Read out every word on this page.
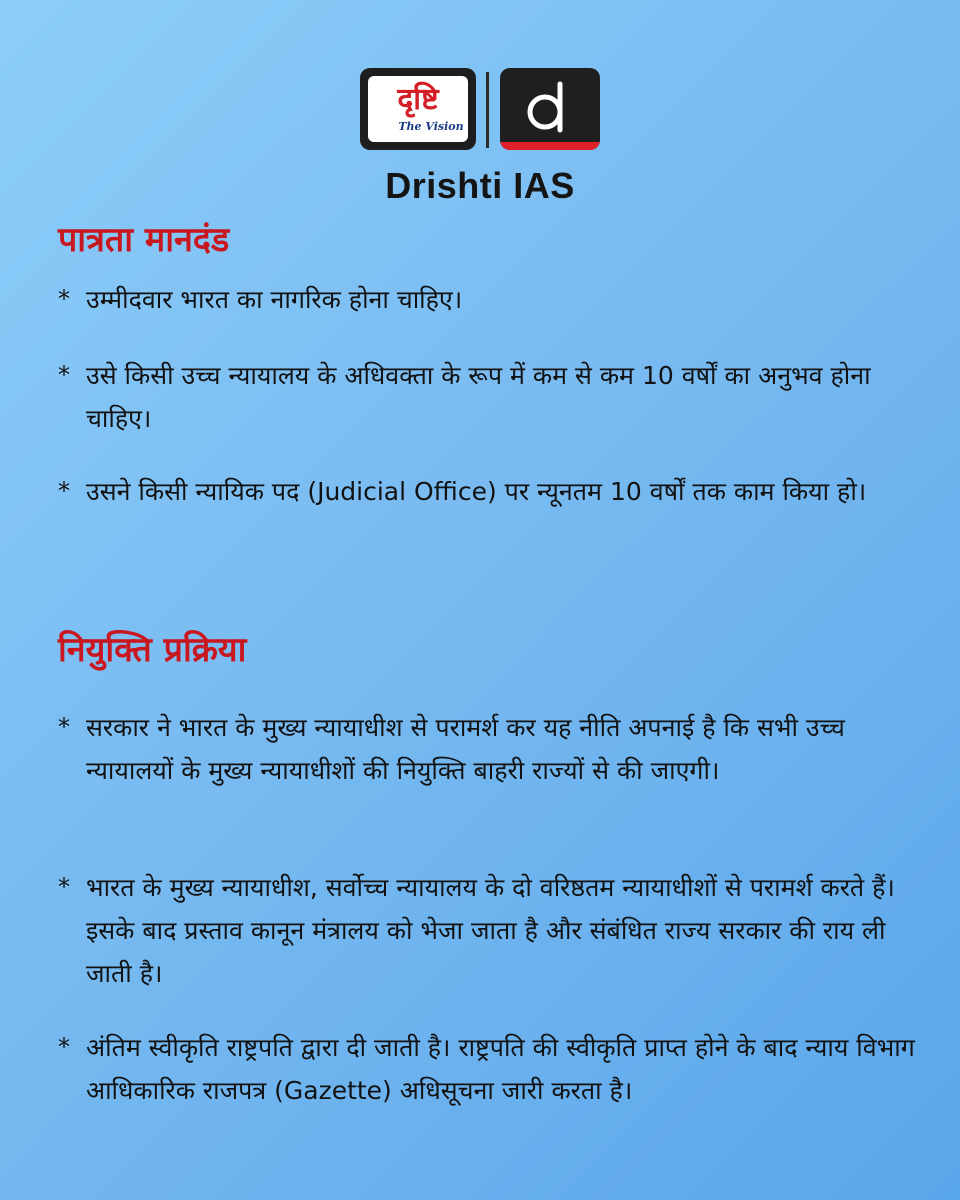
दृष्टि
The Vision
Drishti IAS
पात्रता मानदंड
* उम्मीदवार भारत का नागरिक होना चाहिए।
* उसे किसी उच्च न्यायालय के अधिवक्ता के रूप में कम से कम 10 वर्षों का अनुभव होना चाहिए।
* उसने किसी न्यायिक पद (Judicial Office) पर न्यूनतम 10 वर्षों तक काम किया हो।
नियुक्ति प्रक्रिया
* सरकार ने भारत के मुख्य न्यायाधीश से परामर्श कर यह नीति अपनाई है कि सभी उच्च न्यायालयों के मुख्य न्यायाधीशों की नियुक्ति बाहरी राज्यों से की जाएगी।
* भारत के मुख्य न्यायाधीश, सर्वोच्च न्यायालय के दो वरिष्ठतम न्यायाधीशों से परामर्श करते हैं। इसके बाद प्रस्ताव कानून मंत्रालय को भेजा जाता है और संबंधित राज्य सरकार की राय ली जाती है।
* अंतिम स्वीकृति राष्ट्रपति द्वारा दी जाती है। राष्ट्रपति की स्वीकृति प्राप्त होने के बाद न्याय विभाग आधिकारिक राजपत्र (Gazette) अधिसूचना जारी करता है।
